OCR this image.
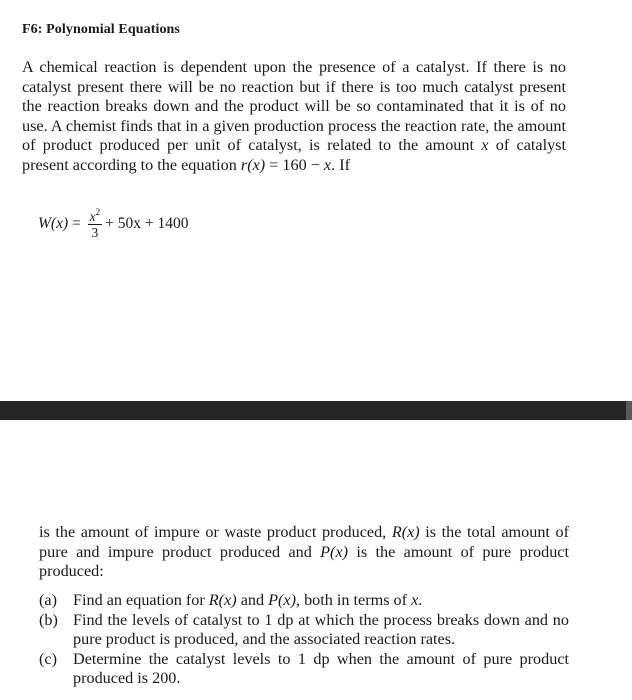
F6: Polynomial Equations
A chemical reaction is dependent upon the presence of a catalyst. If there is no catalyst present there will be no reaction but if there is too much catalyst present the reaction breaks down and the product will be so contaminated that it is of no use. A chemist finds that in a given production process the reaction rate, the amount of product produced per unit of catalyst, is related to the amount x of catalyst present according to the equation r(x) = 160 − x. If
$W(x) = \frac{x^2}{3} + 50x + 1400$
is the amount of impure or waste product produced, R(x) is the total amount of pure and impure product produced and P(x) is the amount of pure product produced:
(a) Find an equation for R(x) and P(x), both in terms of x.
(b) Find the levels of catalyst to 1 dp at which the process breaks down and no pure product is produced, and the associated reaction rates.
(c) Determine the catalyst levels to 1 dp when the amount of pure product produced is 200.
